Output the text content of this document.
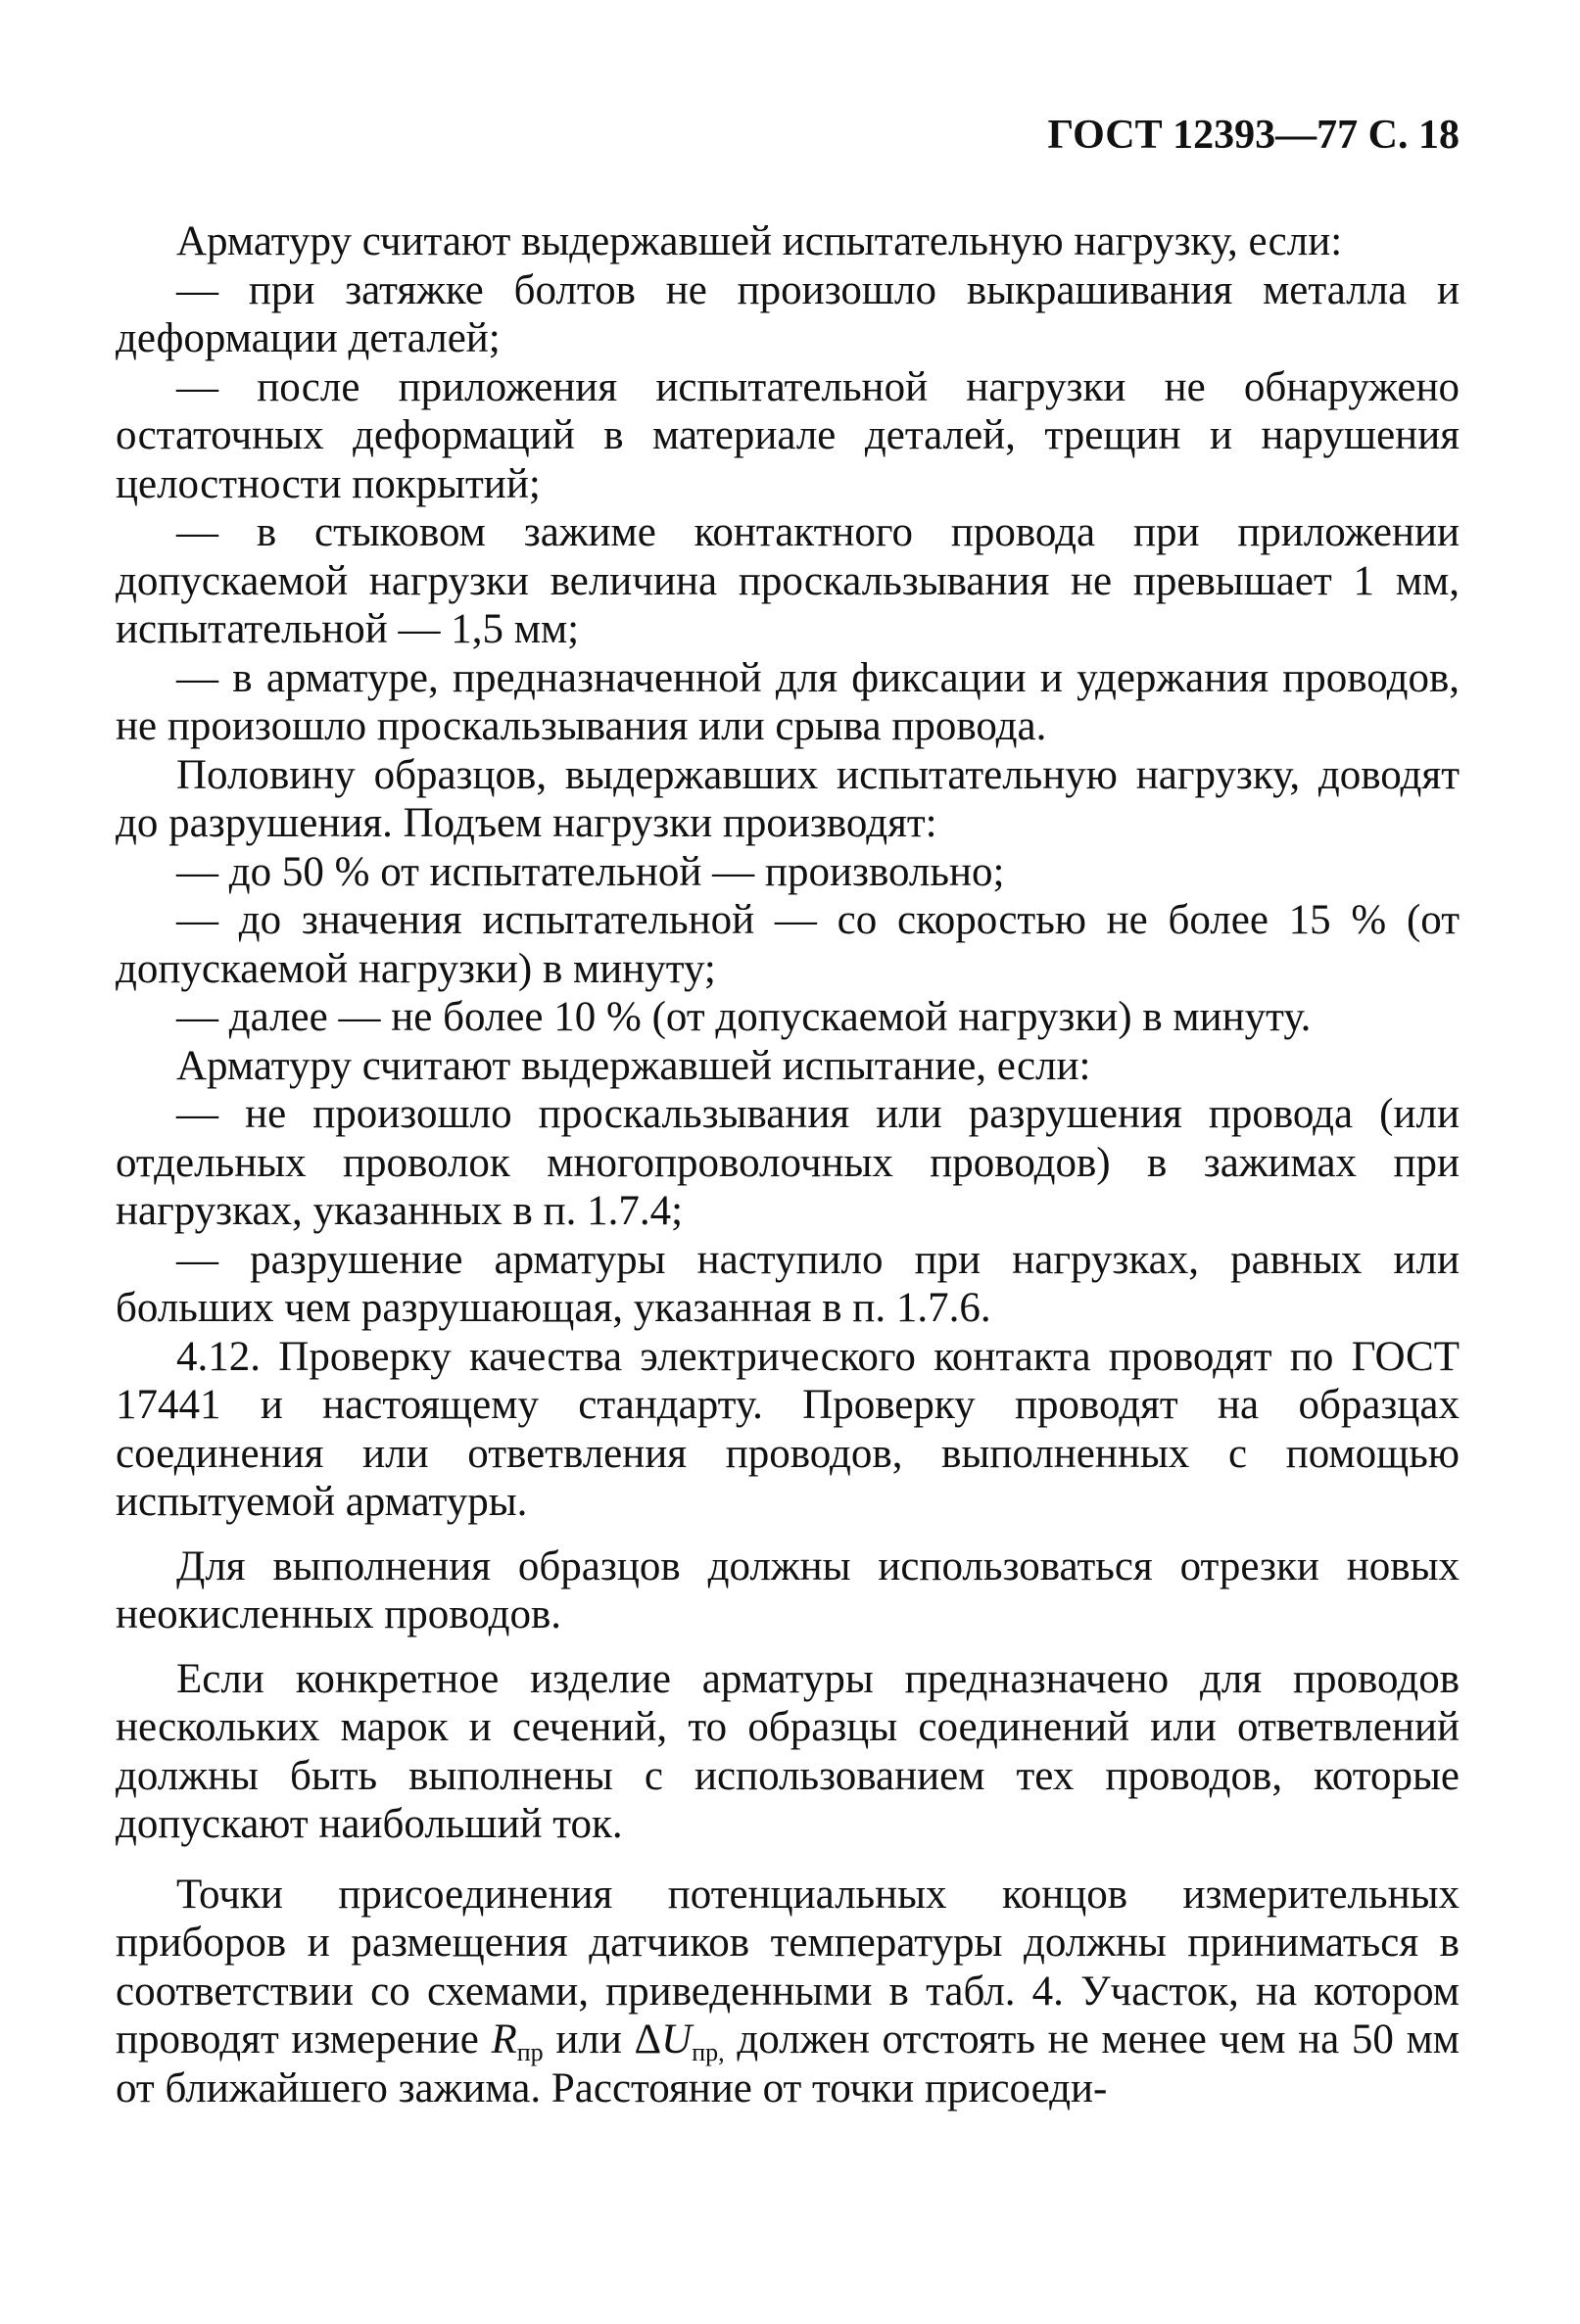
ГОСТ 12393—77 С. 18

Арматуру считают выдержавшей испытательную нагрузку, если:

— при затяжке болтов не произошло выкрашивания металла и деформации деталей;

— после приложения испытательной нагрузки не обнаружено остаточных деформаций в материале деталей, трещин и нарушения целостности покрытий;

— в стыковом зажиме контактного провода при приложении допускаемой нагрузки величина проскальзывания не превышает 1 мм, испытательной — 1,5 мм;

— в арматуре, предназначенной для фиксации и удержания проводов, не произошло проскальзывания или срыва провода.

Половину образцов, выдержавших испытательную нагрузку, доводят до разрушения. Подъем нагрузки производят:

— до 50 % от испытательной — произвольно;

— до значения испытательной — со скоростью не более 15 % (от допускаемой нагрузки) в минуту;

— далее — не более 10 % (от допускаемой нагрузки) в минуту.

Арматуру считают выдержавшей испытание, если:

— не произошло проскальзывания или разрушения провода (или отдельных проволок многопроволочных проводов) в зажимах при нагрузках, указанных в п. 1.7.4;

— разрушение арматуры наступило при нагрузках, равных или больших чем разрушающая, указанная в п. 1.7.6.

4.12. Проверку качества электрического контакта проводят по ГОСТ 17441 и настоящему стандарту. Проверку проводят на образцах соединения или ответвления проводов, выполненных с помощью испытуемой арматуры.

Для выполнения образцов должны использоваться отрезки новых неокисленных проводов.

Если конкретное изделие арматуры предназначено для проводов нескольких марок и сечений, то образцы соединений или ответвлений должны быть выполнены с использованием тех проводов, которые допускают наибольший ток.

Точки присоединения потенциальных концов измерительных приборов и размещения датчиков температуры должны приниматься в соответствии со схемами, приведенными в табл. 4. Участок, на котором проводят измерение $R_{пр}$ или $\Delta U_{пр,}$ должен отстоять не менее чем на 50 мм от ближайшего зажима. Расстояние от точки присоеди-
